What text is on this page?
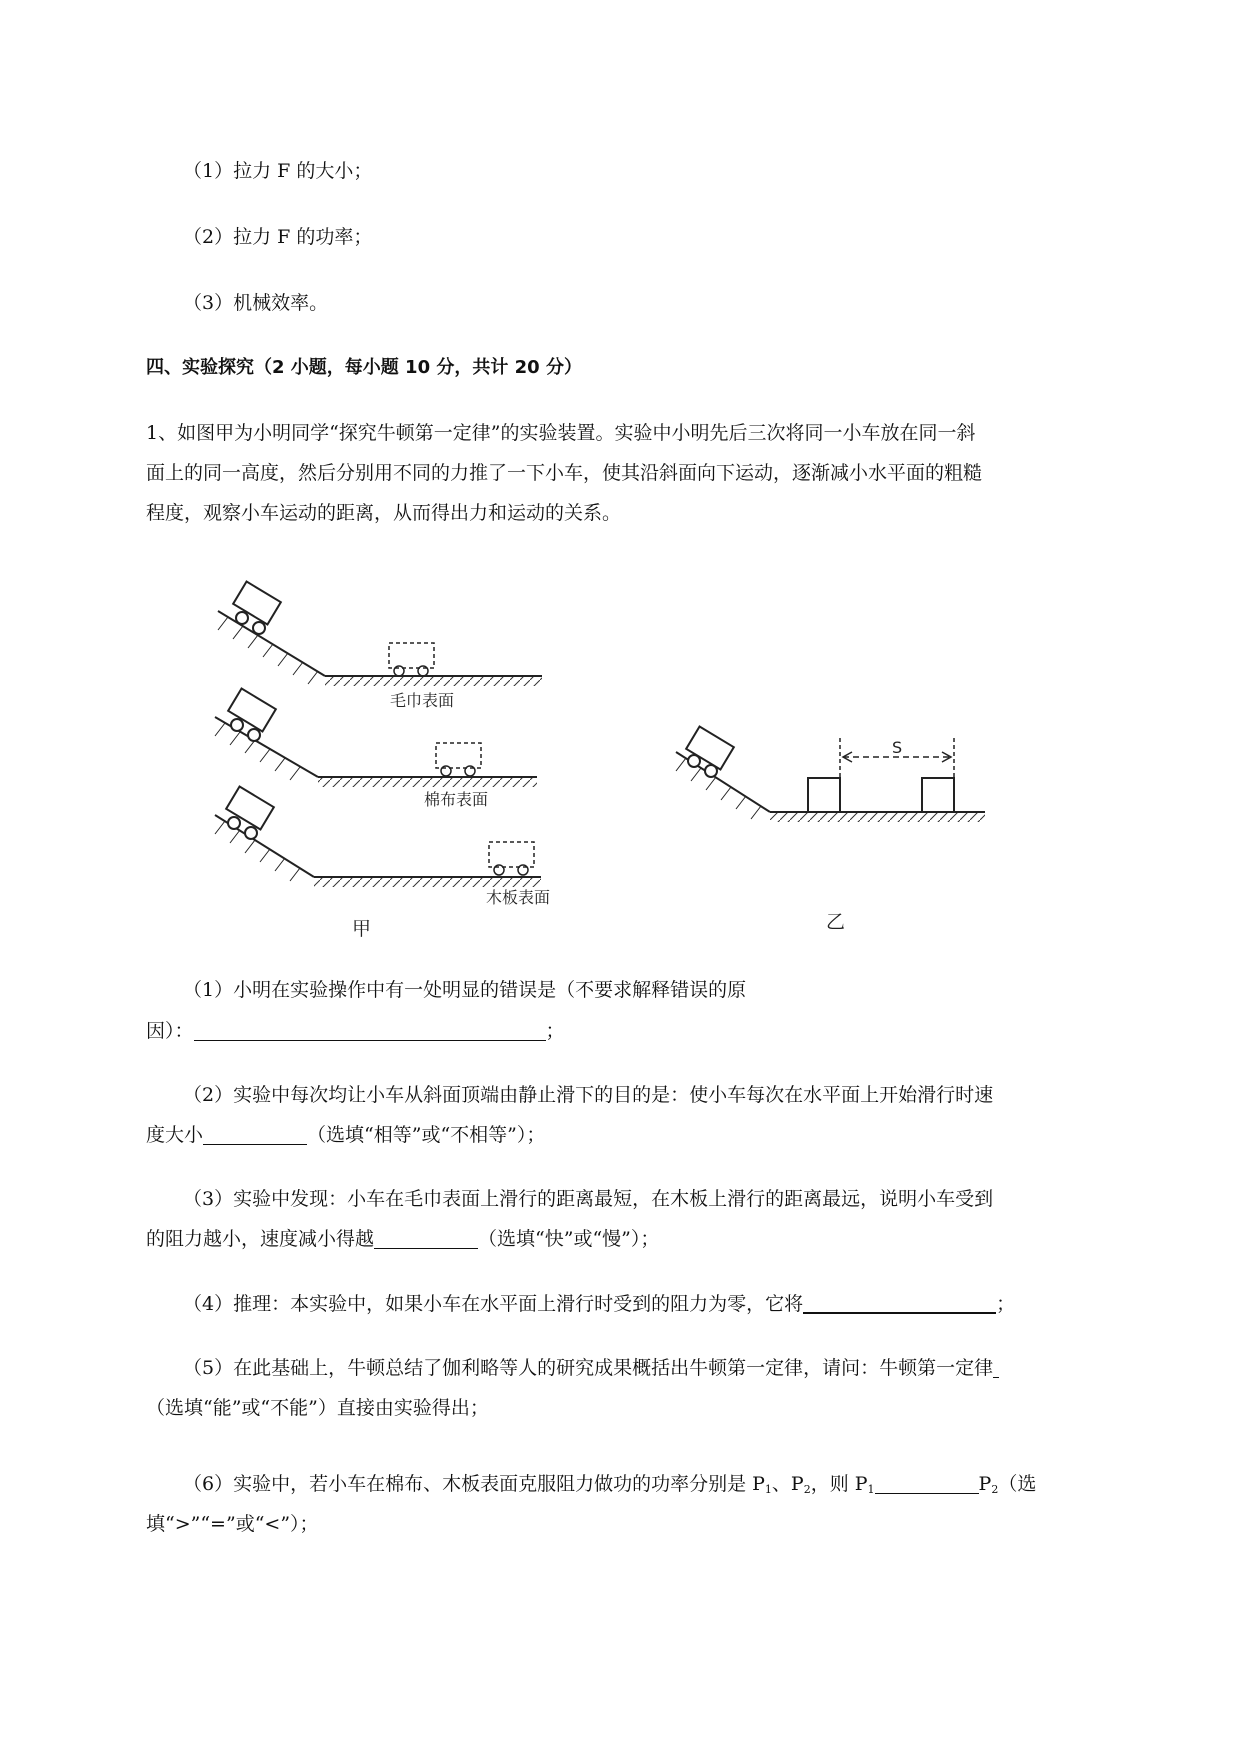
（1）拉力 F 的大小；
（2）拉力 F 的功率；
（3）机械效率。
四、实验探究（2 小题，每小题 10 分，共计 20 分）
1、如图甲为小明同学“探究牛顿第一定律”的实验装置。实验中小明先后三次将同一小车放在同一斜
面上的同一高度，然后分别用不同的力推了一下小车，使其沿斜面向下运动，逐渐减小水平面的粗糙
程度，观察小车运动的距离，从而得出力和运动的关系。
毛巾表面
棉布表面
木板表面
甲
S
乙
（1）小明在实验操作中有一处明显的错误是（不要求解释错误的原
因）：	；
（2）实验中每次均让小车从斜面顶端由静止滑下的目的是：使小车每次在水平面上开始滑行时速
度大小	（选填“相等”或“不相等”）；
（3）实验中发现：小车在毛巾表面上滑行的距离最短，在木板上滑行的距离最远，说明小车受到
的阻力越小，速度减小得越	（选填“快”或“慢”）；
（4）推理：本实验中，如果小车在水平面上滑行时受到的阻力为零，它将	；
（5）在此基础上，牛顿总结了伽利略等人的研究成果概括出牛顿第一定律，请问：牛顿第一定律
（选填“能”或“不能”）直接由实验得出；
（6）实验中，若小车在棉布、木板表面克服阻力做功的功率分别是 $P_1$、$P_2$，则 $P_1$	$P_2$（选
填“>”“=”或“<”）；
